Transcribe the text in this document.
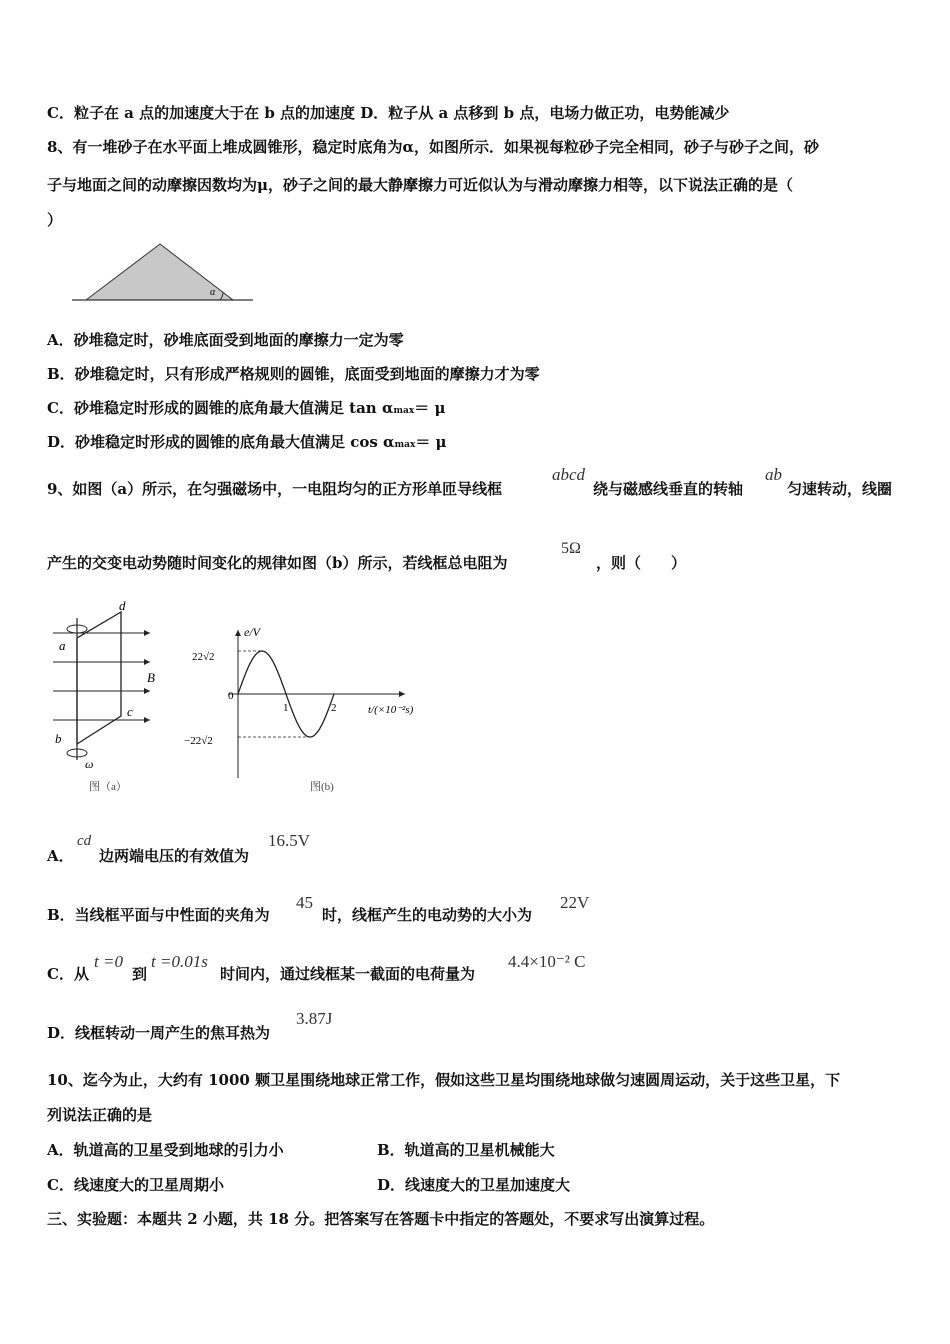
C．粒子在 a 点的加速度大于在 b 点的加速度 D．粒子从 a 点移到 b 点，电场力做正功，电势能减少
8、有一堆砂子在水平面上堆成圆锥形，稳定时底角为α，如图所示．如果视每粒砂子完全相同，砂子与砂子之间，砂
子与地面之间的动摩擦因数均为μ，砂子之间的最大静摩擦力可近似认为与滑动摩擦力相等，以下说法正确的是（
）
α
A．砂堆稳定时，砂堆底面受到地面的摩擦力一定为零
B．砂堆稳定时，只有形成严格规则的圆锥，底面受到地面的摩擦力才为零
C．砂堆稳定时形成的圆锥的底角最大值满足 tan αmax＝ μ
D．砂堆稳定时形成的圆锥的底角最大值满足 cos αmax＝ μ
9、如图（a）所示，在匀强磁场中，一电阻均匀的正方形单匝导线框
abcd
绕与磁感线垂直的转轴
ab
匀速转动，线圈
产生的交变电动势随时间变化的规律如图（b）所示，若线框总电阻为
5Ω
，则（　　）
d
a
b
c
B
ω
图（a）
e/V
22√2
−22√2
0
1	2	t/(×10⁻²s)
图(b)
A．
cd
边两端电压的有效值为
16.5V
B．当线框平面与中性面的夹角为
45
时，线框产生的电动势的大小为
22V
C．从
t =0
到
t =0.01s
时间内，通过线框某一截面的电荷量为
4.4×10⁻² C
D．线框转动一周产生的焦耳热为
3.87J
10、迄今为止，大约有 1000 颗卫星围绕地球正常工作，假如这些卫星均围绕地球做匀速圆周运动，关于这些卫星，下
列说法正确的是
A．轨道高的卫星受到地球的引力小	B．轨道高的卫星机械能大
C．线速度大的卫星周期小	D．线速度大的卫星加速度大
三、实验题：本题共 2 小题，共 18 分。把答案写在答题卡中指定的答题处，不要求写出演算过程。
